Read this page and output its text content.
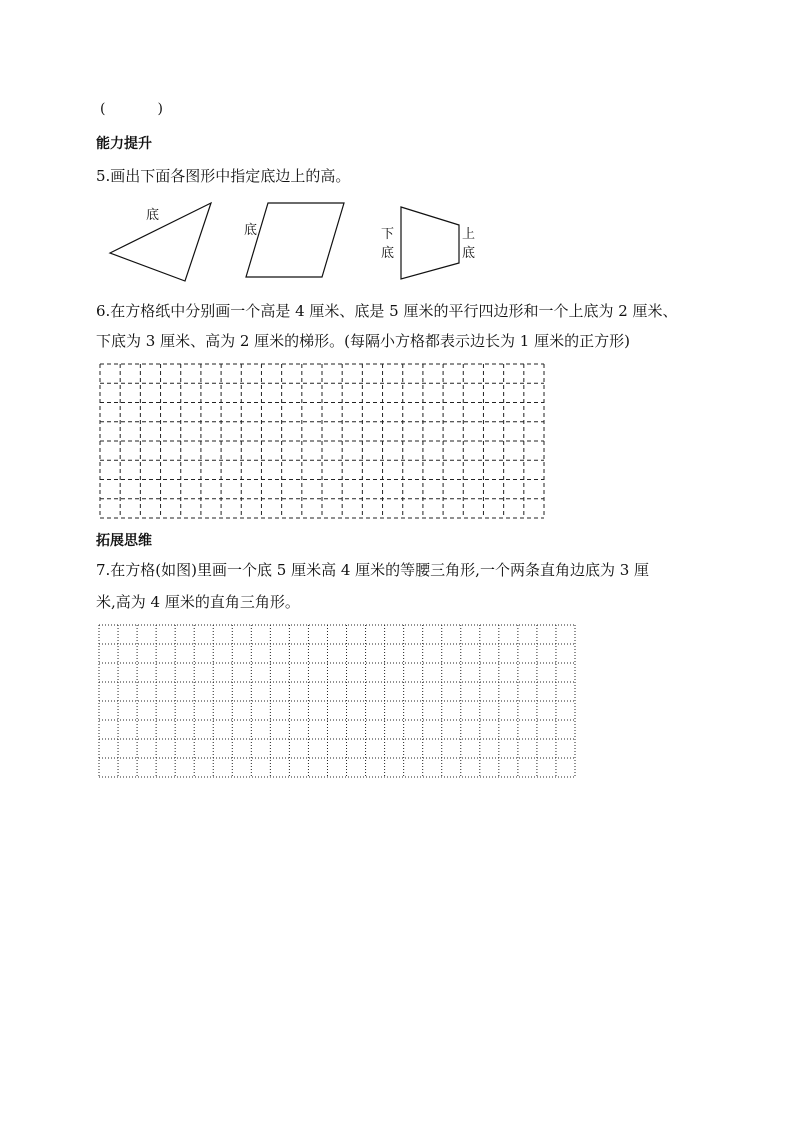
(	)
能力提升
5.画出下面各图形中指定底边上的高。
底
底	下
底
上
底
6.在方格纸中分别画一个高是 4 厘米、底是 5 厘米的平行四边形和一个上底为 2 厘米、
下底为 3 厘米、高为 2 厘米的梯形。(每隔小方格都表示边长为 1 厘米的正方形)
拓展思维
7.在方格(如图)里画一个底 5 厘米高 4 厘米的等腰三角形,一个两条直角边底为 3 厘
米,高为 4 厘米的直角三角形。
